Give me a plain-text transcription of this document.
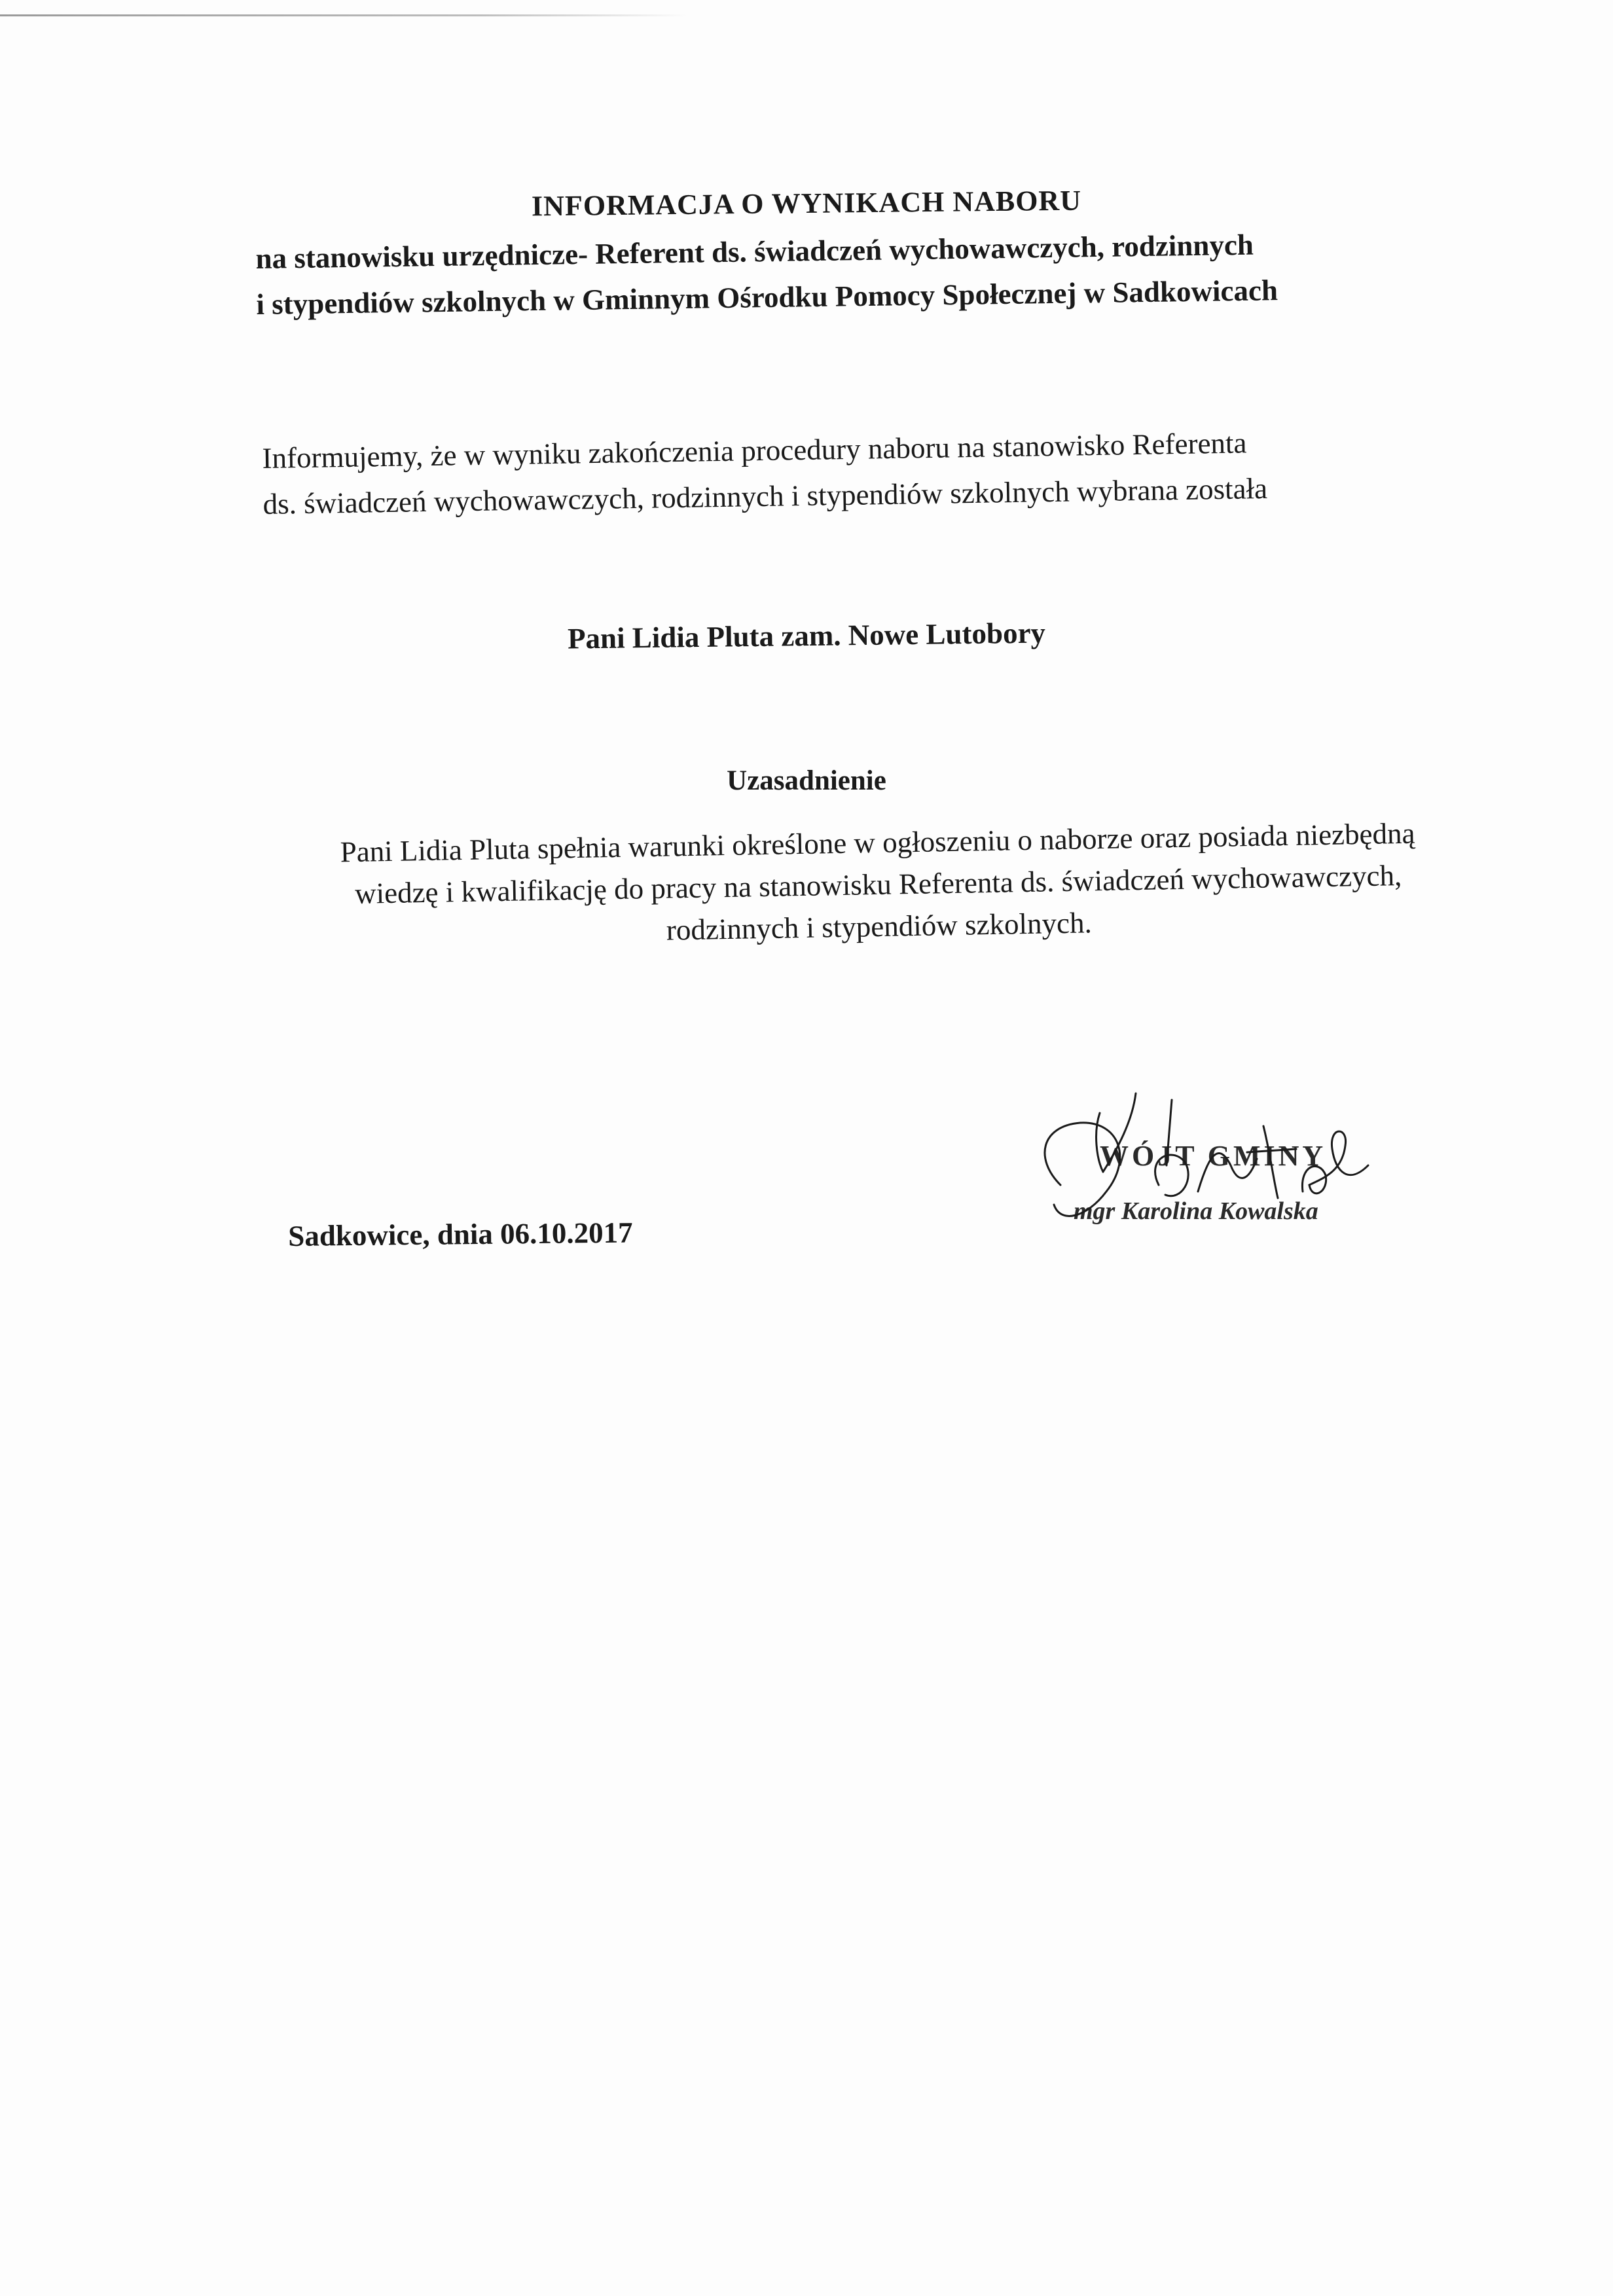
INFORMACJA O WYNIKACH NABORU
na stanowisku urzędnicze- Referent ds. świadczeń wychowawczych, rodzinnych
i stypendiów szkolnych w Gminnym Ośrodku Pomocy Społecznej w Sadkowicach
Informujemy, że w wyniku zakończenia procedury naboru na stanowisko Referenta
ds. świadczeń wychowawczych, rodzinnych i stypendiów szkolnych wybrana została
Pani Lidia Pluta zam. Nowe Lutobory
Uzasadnienie
Pani Lidia Pluta spełnia warunki określone w ogłoszeniu o naborze oraz posiada niezbędną
wiedzę i kwalifikację do pracy na stanowisku Referenta ds. świadczeń wychowawczych,
rodzinnych i stypendiów szkolnych.
Sadkowice, dnia 06.10.2017
WÓJT GMINY
mgr Karolina Kowalska
